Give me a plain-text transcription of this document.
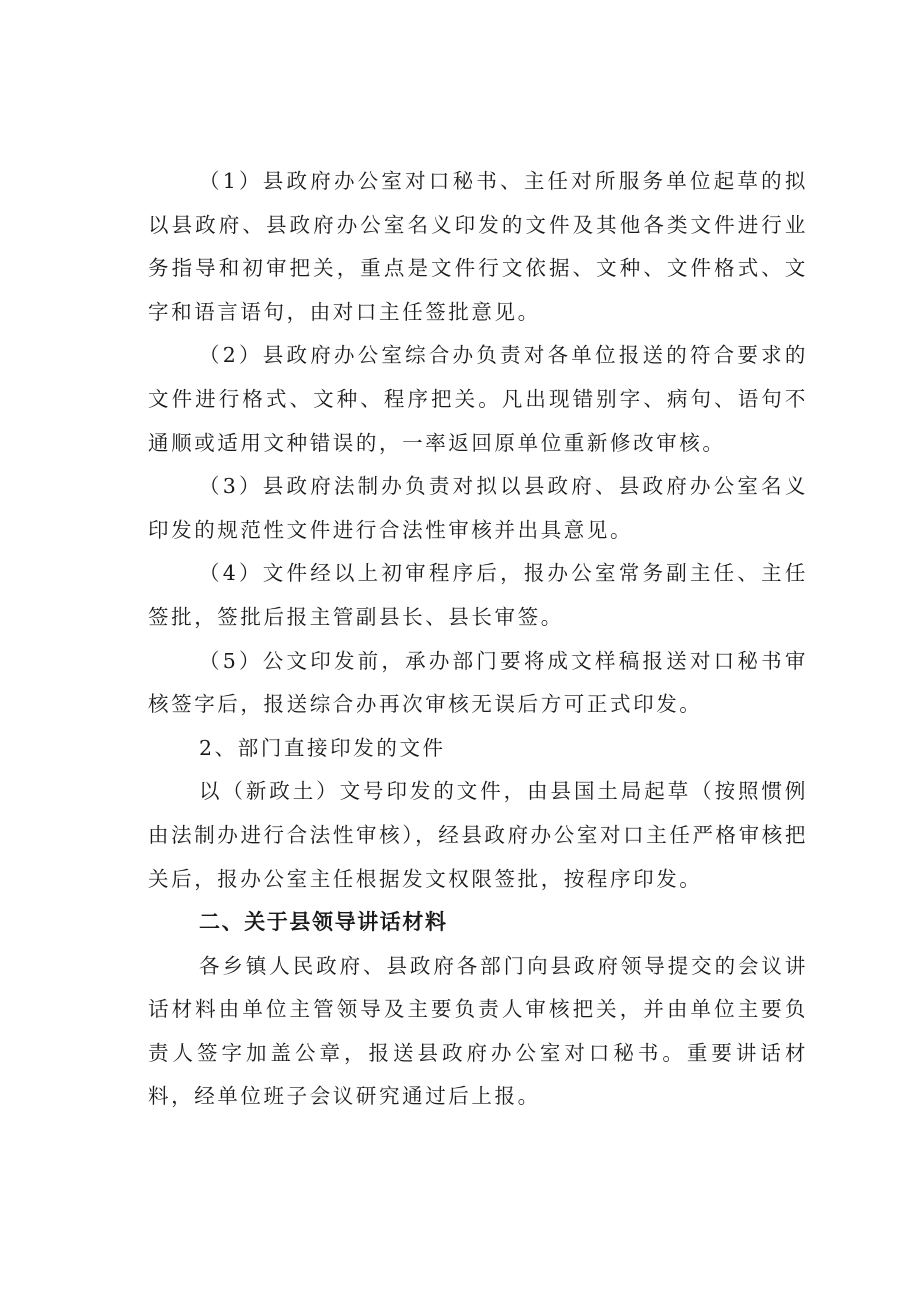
（1）县政府办公室对口秘书、主任对所服务单位起草的拟以县政府、县政府办公室名义印发的文件及其他各类文件进行业务指导和初审把关，重点是文件行文依据、文种、文件格式、文字和语言语句，由对口主任签批意见。

（2）县政府办公室综合办负责对各单位报送的符合要求的文件进行格式、文种、程序把关。凡出现错别字、病句、语句不通顺或适用文种错误的，一率返回原单位重新修改审核。

（3）县政府法制办负责对拟以县政府、县政府办公室名义印发的规范性文件进行合法性审核并出具意见。

（4）文件经以上初审程序后，报办公室常务副主任、主任签批，签批后报主管副县长、县长审签。

（5）公文印发前，承办部门要将成文样稿报送对口秘书审核签字后，报送综合办再次审核无误后方可正式印发。

2、部门直接印发的文件

以（新政土）文号印发的文件，由县国土局起草（按照惯例由法制办进行合法性审核），经县政府办公室对口主任严格审核把关后，报办公室主任根据发文权限签批，按程序印发。

二、关于县领导讲话材料

各乡镇人民政府、县政府各部门向县政府领导提交的会议讲话材料由单位主管领导及主要负责人审核把关，并由单位主要负责人签字加盖公章，报送县政府办公室对口秘书。重要讲话材料，经单位班子会议研究通过后上报。
